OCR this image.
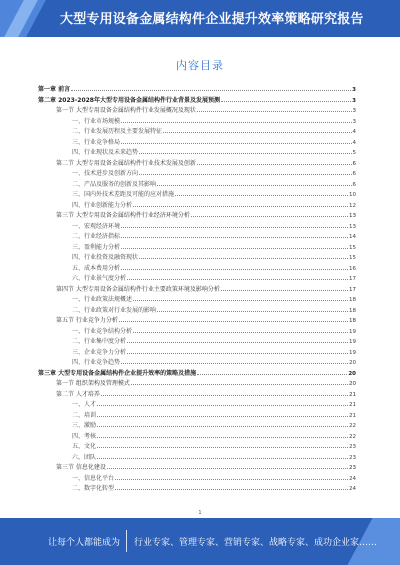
大型专用设备金属结构件企业提升效率策略研究报告
内容目录
第一章 前言	3
第二章 2023-2028年大型专用设备金属结构件行业背景及发展预测	3
第一节 大型专用设备金属结构件行业发展概况及现状	3
一、行业市场规模	3
二、行业发展历程及主要发展特征	4
三、行业竞争格局	4
四、行业现状及未来趋势	5
第二节 大型专用设备金属结构件行业技术发展及创新	6
一、技术进步及创新方向	6
二、产品及服务的创新及其影响	6
三、国内外技术差距及可能的应对措施	10
四、行业创新能力分析	12
第三节 大型专用设备金属结构件行业经济环境分析	13
一、宏观经济环境	13
二、行业经济指标	14
三、盈利能力分析	15
四、行业投资及融资现状	15
五、成本费用分析	16
六、行业景气度分析	17
第四节 大型专用设备金属结构件行业主要政策环境及影响分析	17
一、行业政策法规概述	18
二、行业政策对行业发展的影响	18
第五节 行业竞争力分析	18
一、行业竞争结构分析	19
二、行业集中度分析	19
三、企业竞争力分析	19
四、行业竞争趋势	20
第三章 大型专用设备金属结构件企业提升效率的策略及措施	20
第一节 组织架构及管理模式	20
第二节 人才培养	21
一、人才	21
二、培训	21
三、激励	22
四、考核	22
五、文化	23
六、团队	23
第三节 信息化建设	23
一、信息化平台	24
二、数字化转型	24
1
让每个人都能成为 行业专家、管理专家、营销专家、战略专家、成功企业家……
